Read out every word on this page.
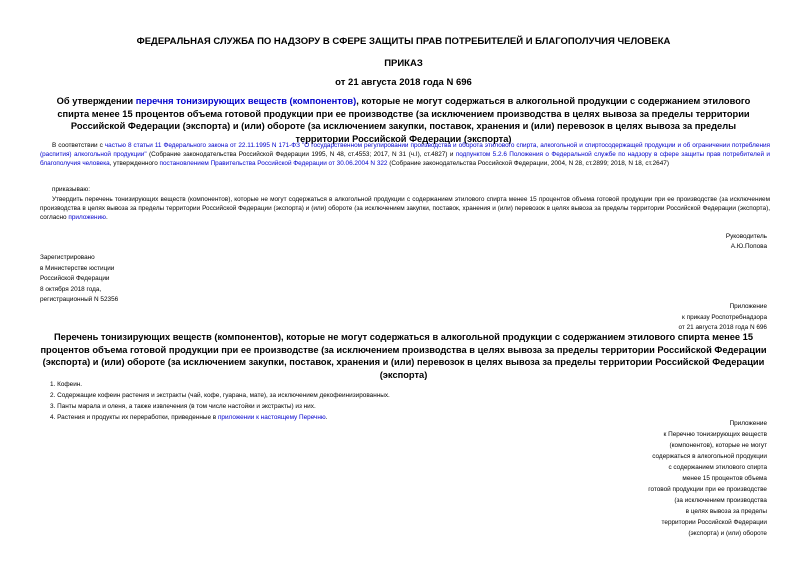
ФЕДЕРАЛЬНАЯ СЛУЖБА ПО НАДЗОРУ В СФЕРЕ ЗАЩИТЫ ПРАВ ПОТРЕБИТЕЛЕЙ И БЛАГОПОЛУЧИЯ ЧЕЛОВЕКА
ПРИКАЗ
от 21 августа 2018 года N 696
Об утверждении перечня тонизирующих веществ (компонентов), которые не могут содержаться в алкогольной продукции с содержанием этилового спирта менее 15 процентов объема готовой продукции при ее производстве (за исключением производства в целях вывоза за пределы территории Российской Федерации (экспорта) и (или) обороте (за исключением закупки, поставок, хранения и (или) перевозок в целях вывоза за пределы территории Российской Федерации (экспорта)
В соответствии с частью 8 статьи 11 Федерального закона от 22.11.1995 N 171-ФЗ "О государственном регулировании производства и оборота этилового спирта, алкогольной и спиртосодержащей продукции и об ограничении потребления (распития) алкогольной продукции" (Собрание законодательства Российской Федерации 1995, N 48, ст.4553; 2017, N 31 (ч.I), ст.4827) и подпунктом 5.2.6 Положения о Федеральной службе по надзору в сфере защиты прав потребителей и благополучия человека, утвержденного постановлением Правительства Российской Федерации от 30.06.2004 N 322 (Собрание законодательства Российской Федерации, 2004, N 28, ст.2899; 2018, N 18, ст.2647)
приказываю:
Утвердить перечень тонизирующих веществ (компонентов), которые не могут содержаться в алкогольной продукции с содержанием этилового спирта менее 15 процентов объема готовой продукции при ее производстве (за исключением производства в целях вывоза за пределы территории Российской Федерации (экспорта) и (или) обороте (за исключением закупки, поставок, хранения и (или) перевозок в целях вывоза за пределы территории Российской Федерации (экспорта), согласно приложению.
Руководитель
А.Ю.Попова
Зарегистрировано
в Министерстве юстиции
Российской Федерации
8 октября 2018 года,
регистрационный N 52356
Приложение
к приказу Роспотребнадзора
от 21 августа 2018 года N 696
Перечень тонизирующих веществ (компонентов), которые не могут содержаться в алкогольной продукции с содержанием этилового спирта менее 15 процентов объема готовой продукции при ее производстве (за исключением производства в целях вывоза за пределы территории Российской Федерации (экспорта) и (или) обороте (за исключением закупки, поставок, хранения и (или) перевозок в целях вывоза за пределы территории Российской Федерации (экспорта)
1. Кофеин.
2. Содержащие кофеин растения и экстракты (чай, кофе, гуарана, мате), за исключением декофеинизированных.
3. Панты марала и оленя, а также извлечения (в том числе настойки и экстракты) из них.
4. Растения и продукты их переработки, приведенные в приложении к настоящему Перечню.
Приложение
к Перечню тонизирующих веществ
(компонентов), которые не могут
содержаться в алкогольной продукции
с содержанием этилового спирта
менее 15 процентов объема
готовой продукции при ее производстве
(за исключением производства
в целях вывоза за пределы
территории Российской Федерации
(экспорта) и (или) обороте
